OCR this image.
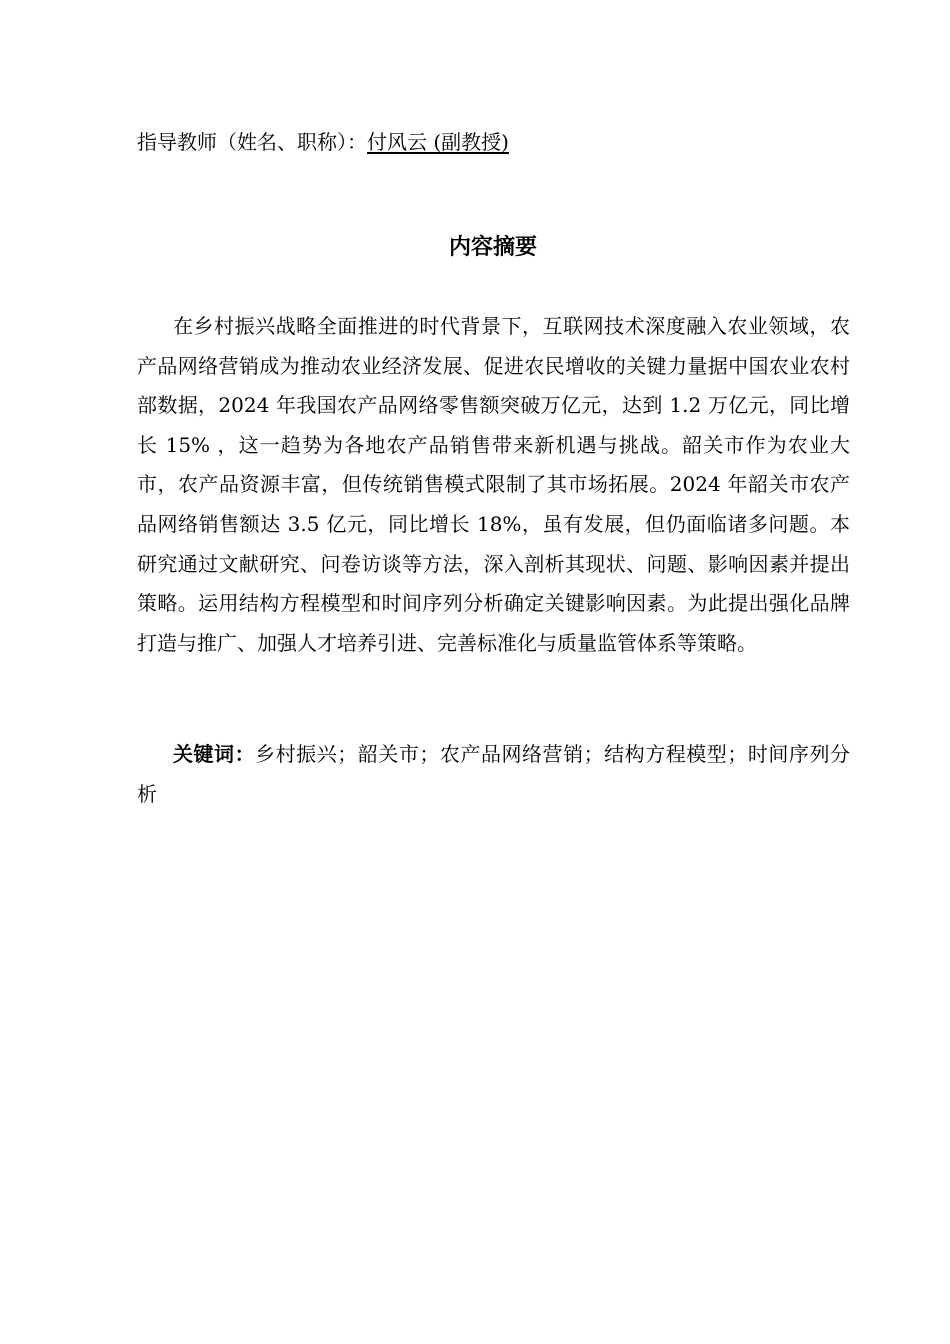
指导教师（姓名、职称）：付风云 (副教授)
内容摘要

在乡村振兴战略全面推进的时代背景下，互联网技术深度融入农业领域，农产品网络营销成为推动农业经济发展、促进农民增收的关键力量据中国农业农村部数据，2024 年我国农产品网络零售额突破万亿元，达到 1.2 万亿元，同比增长 15% ，这一趋势为各地农产品销售带来新机遇与挑战。韶关市作为农业大市，农产品资源丰富，但传统销售模式限制了其市场拓展。2024 年韶关市农产品网络销售额达 3.5 亿元，同比增长 18%，虽有发展，但仍面临诸多问题。本研究通过文献研究、问卷访谈等方法，深入剖析其现状、问题、影响因素并提出策略。运用结构方程模型和时间序列分析确定关键影响因素。为此提出强化品牌打造与推广、加强人才培养引进、完善标准化与质量监管体系等策略。

关键词：乡村振兴；韶关市；农产品网络营销；结构方程模型；时间序列分析
